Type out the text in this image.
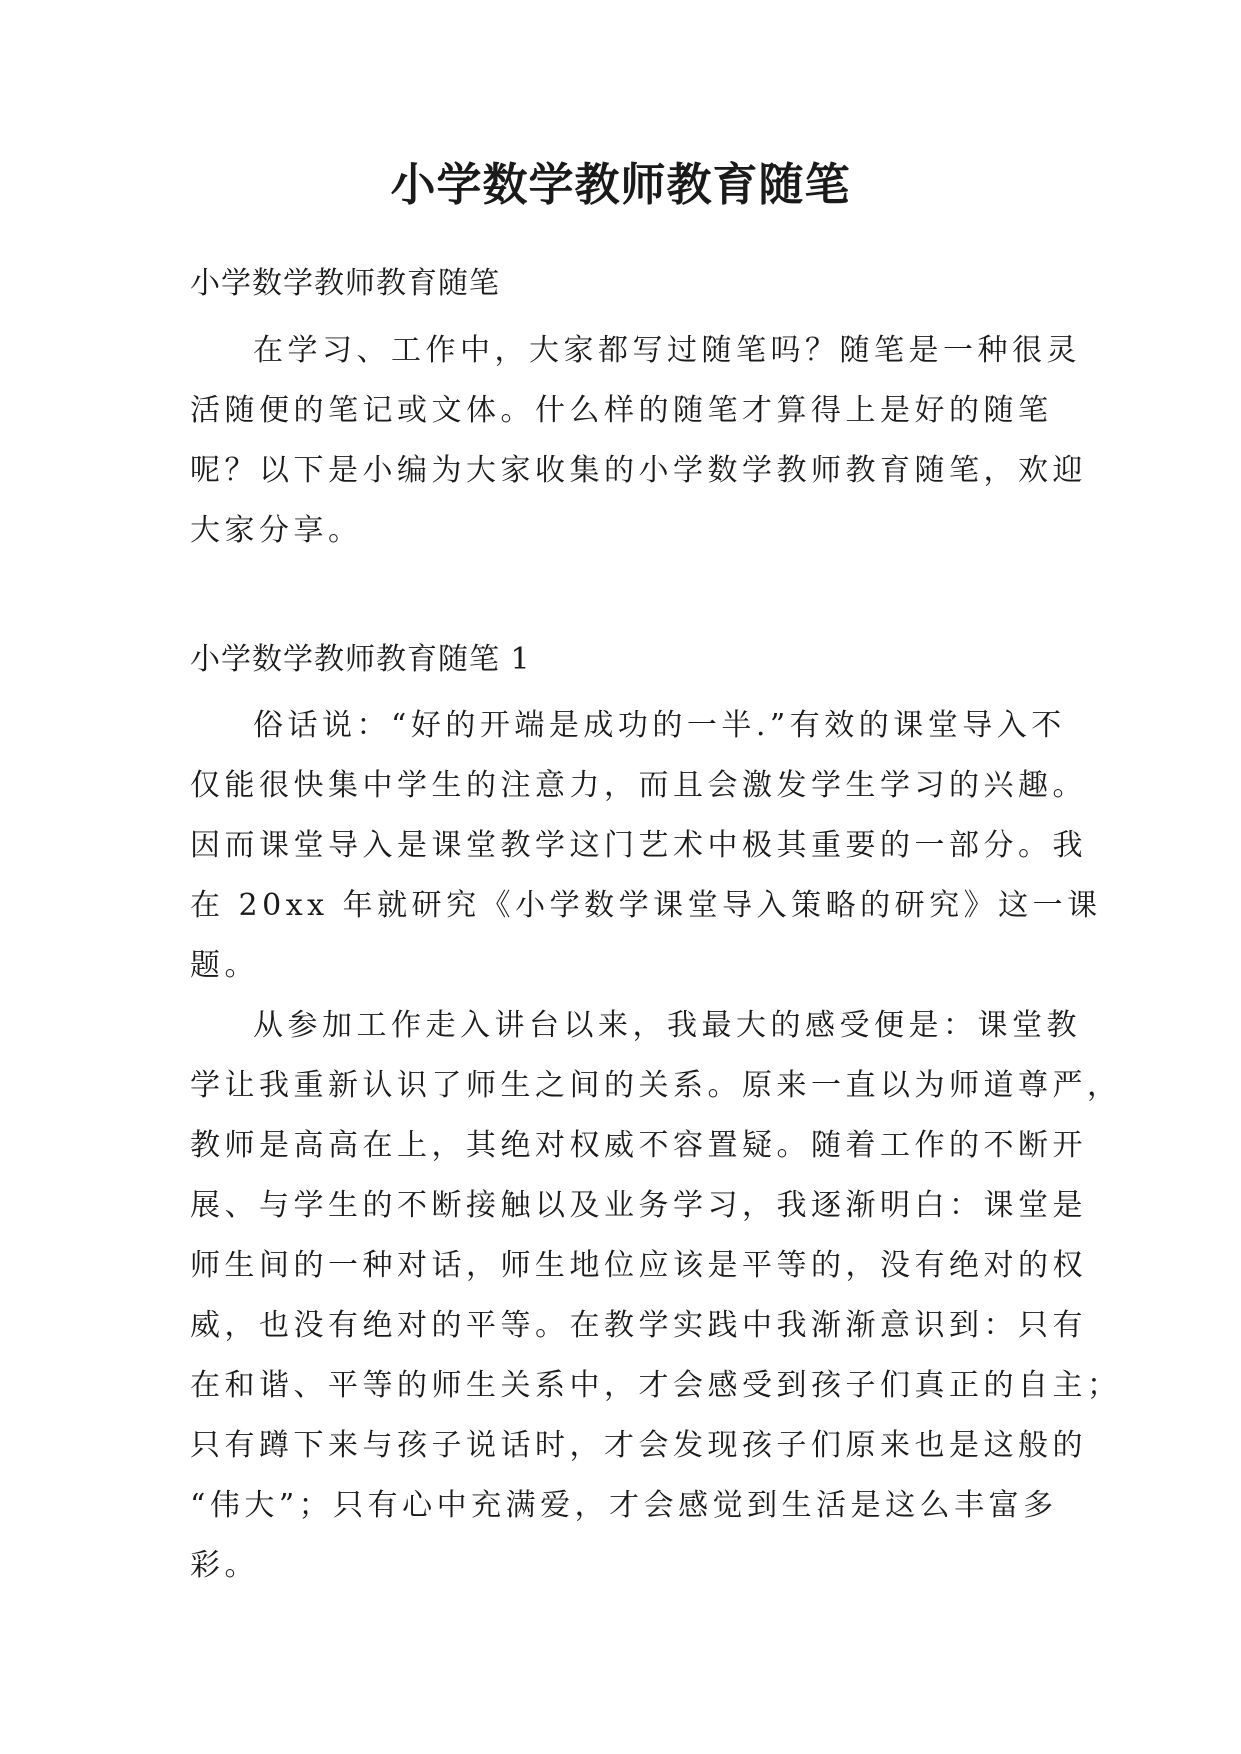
小学数学教师教育随笔
小学数学教师教育随笔
在学习、工作中，大家都写过随笔吗？随笔是一种很灵
活随便的笔记或文体。什么样的随笔才算得上是好的随笔
呢？以下是小编为大家收集的小学数学教师教育随笔，欢迎
大家分享。
小学数学教师教育随笔 1
俗话说：“好的开端是成功的一半.”有效的课堂导入不
仅能很快集中学生的注意力，而且会激发学生学习的兴趣。
因而课堂导入是课堂教学这门艺术中极其重要的一部分。我
在 20xx 年就研究《小学数学课堂导入策略的研究》这一课
题。
从参加工作走入讲台以来，我最大的感受便是：课堂教
学让我重新认识了师生之间的关系。原来一直以为师道尊严，
教师是高高在上，其绝对权威不容置疑。随着工作的不断开
展、与学生的不断接触以及业务学习，我逐渐明白：课堂是
师生间的一种对话，师生地位应该是平等的，没有绝对的权
威，也没有绝对的平等。在教学实践中我渐渐意识到：只有
在和谐、平等的师生关系中，才会感受到孩子们真正的自主；
只有蹲下来与孩子说话时，才会发现孩子们原来也是这般的
“伟大”；只有心中充满爱，才会感觉到生活是这么丰富多
彩。
